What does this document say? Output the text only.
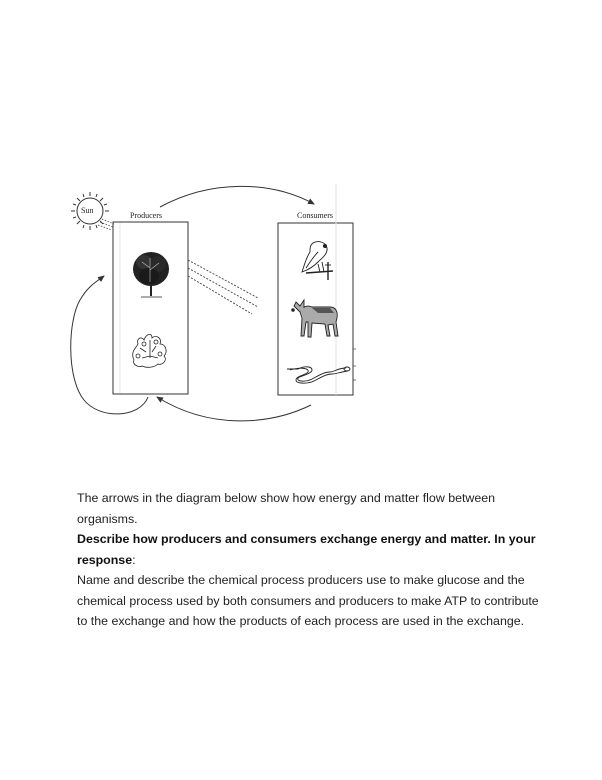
Sun
Producers	Consumers

The arrows in the diagram below show how energy and matter flow between organisms.

Describe how producers and consumers exchange energy and matter. In your response:

Name and describe the chemical process producers use to make glucose and the chemical process used by both consumers and producers to make ATP to contribute to the exchange and how the products of each process are used in the exchange.
